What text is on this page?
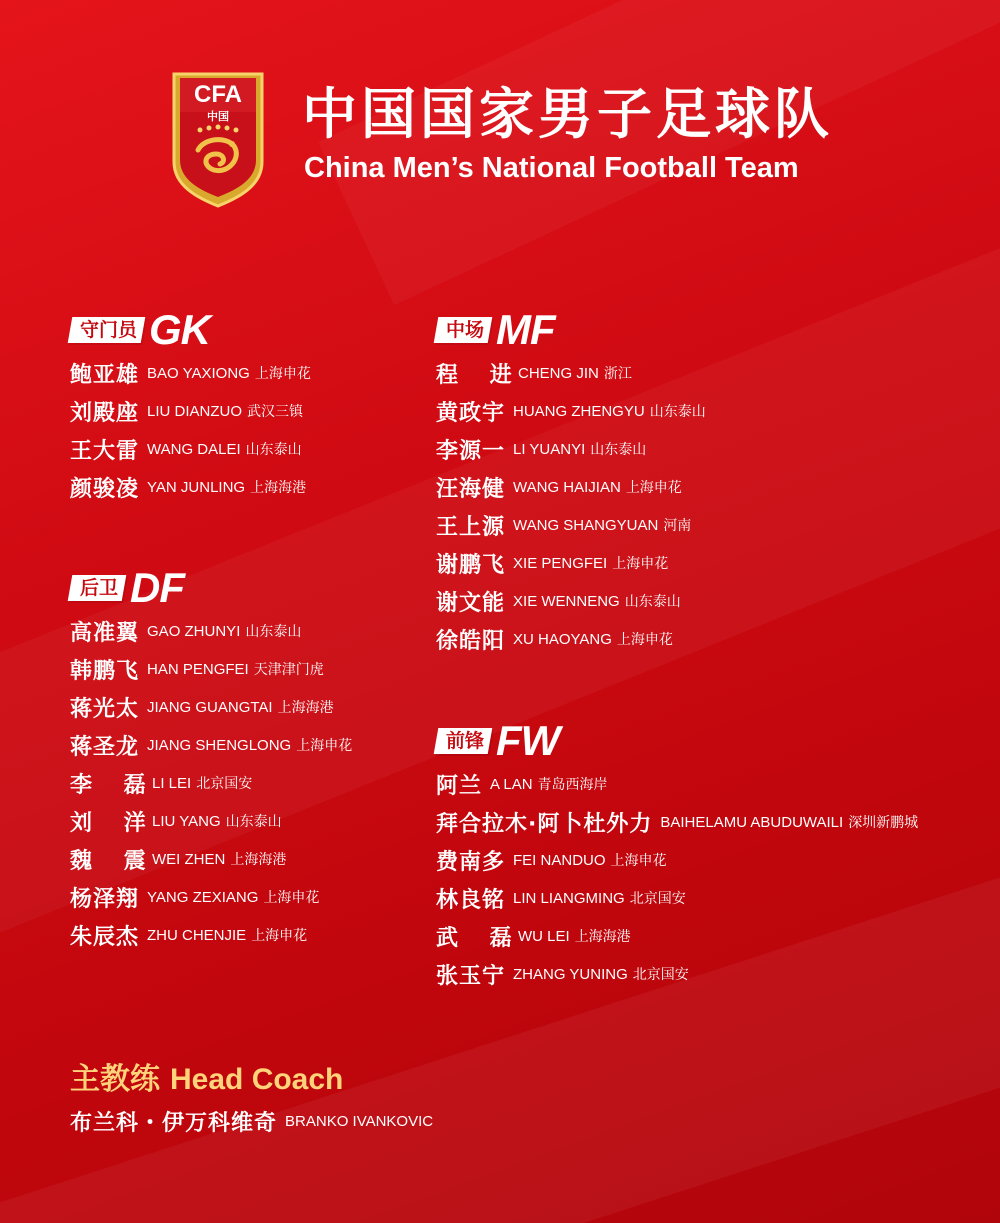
CFA
中国 中国国家男子足球队
China Men’s National Football Team
守门员 GK
鲍亚雄 BAO YAXIONG 上海申花
刘殿座 LIU DIANZUO 武汉三镇
王大雷 WANG DALEI 山东泰山
颜骏凌 YAN JUNLING 上海海港
后卫 DF
高准翼 GAO ZHUNYI 山东泰山
韩鹏飞 HAN PENGFEI 天津津门虎
蒋光太 JIANG GUANGTAI 上海海港
蒋圣龙 JIANG SHENGLONG 上海申花
李 磊
LI LEI 北京国安
刘 洋
LIU YANG 山东泰山
魏 震
WEI ZHEN 上海海港
杨泽翔 YANG ZEXIANG 上海申花
朱辰杰 ZHU CHENJIE 上海申花
中场 MF
程 进
CHENG JIN 浙江
黄政宇 HUANG ZHENGYU 山东泰山
李源一 LI YUANYI 山东泰山
汪海健 WANG HAIJIAN 上海申花
王上源 WANG SHANGYUAN 河南
谢鹏飞 XIE PENGFEI 上海申花
谢文能 XIE WENNENG 山东泰山
徐皓阳 XU HAOYANG 上海申花
前锋 FW
阿兰 A LAN 青岛西海岸
拜合拉木·阿卜杜外力 BAIHELAMU ABUDUWAILI 深圳新鹏城
费南多 FEI NANDUO 上海申花
林良铭 LIN LIANGMING 北京国安
武 磊
WU LEI 上海海港
张玉宁 ZHANG YUNING 北京国安
主教练 Head Coach
布兰科・伊万科维奇 BRANKO IVANKOVIC
